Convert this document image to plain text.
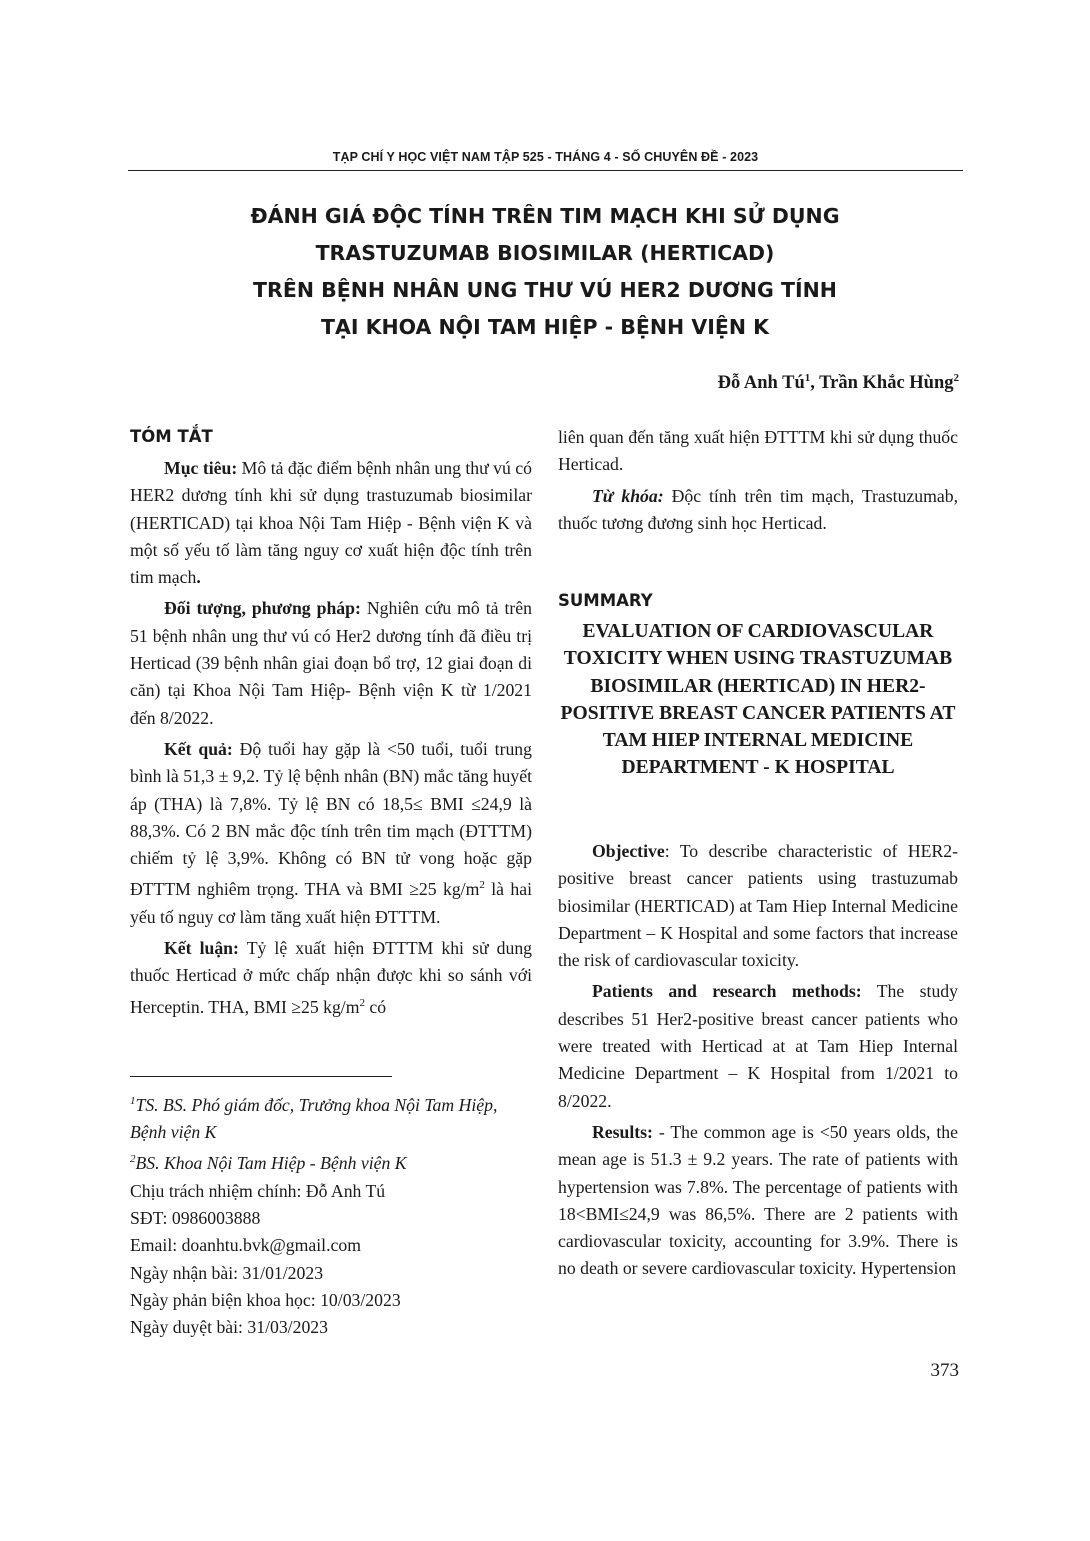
TẠP CHÍ Y HỌC VIỆT NAM TẬP 525 - THÁNG 4 - SỐ CHUYÊN ĐỀ - 2023
ĐÁNH GIÁ ĐỘC TÍNH TRÊN TIM MẠCH KHI SỬ DỤNG
TRASTUZUMAB BIOSIMILAR (HERTICAD)
TRÊN BỆNH NHÂN UNG THƯ VÚ HER2 DƯƠNG TÍNH
TẠI KHOA NỘI TAM HIỆP - BỆNH VIỆN K
Đỗ Anh $Tú^1$, Trần Khắc Hùng$^2$
TÓM TẮT

Mục tiêu: Mô tả đặc điểm bệnh nhân ung thư vú có HER2 dương tính khi sử dụng trastuzumab biosimilar (HERTICAD) tại khoa Nội Tam Hiệp - Bệnh viện K và một số yếu tố làm tăng nguy cơ xuất hiện độc tính trên tim mạch.

Đối tượng, phương pháp: Nghiên cứu mô tả trên 51 bệnh nhân ung thư vú có Her2 dương tính đã điều trị Herticad (39 bệnh nhân giai đoạn bổ trợ, 12 giai đoạn di căn) tại Khoa Nội Tam Hiệp- Bệnh viện K từ 1/2021 đến 8/2022.

Kết quả: Độ tuổi hay gặp là <50 tuổi, tuổi trung bình là 51,3 ± 9,2. Tỷ lệ bệnh nhân (BN) mắc tăng huyết áp (THA) là 7,8%. Tỷ lệ BN có 18,5≤ BMI ≤24,9 là 88,3%. Có 2 BN mắc độc tính trên tim mạch (ĐTTTM) chiếm tỷ lệ 3,9%. Không có BN tử vong hoặc gặp ĐTTTM nghiêm trọng. THA và BMI ≥25 $kg/m^2$ là hai yếu tố nguy cơ làm tăng xuất hiện ĐTTTM.

Kết luận: Tỷ lệ xuất hiện ĐTTTM khi sử dung thuốc Herticad ở mức chấp nhận được khi so sánh với Herceptin. THA, BMI ≥25 $kg/m^2$ có

$^1$TS. BS. Phó giám đốc, Trưởng khoa Nội Tam Hiệp, Bệnh viện K
$^2$BS. Khoa Nội Tam Hiệp - Bệnh viện K
Chịu trách nhiệm chính: Đỗ Anh Tú
SĐT: 0986003888
Email: doanhtu.bvk@gmail.com
Ngày nhận bài: 31/01/2023
Ngày phản biện khoa học: 10/03/2023
Ngày duyệt bài: 31/03/2023

liên quan đến tăng xuất hiện ĐTTTM khi sử dụng thuốc Herticad.

Từ khóa: Độc tính trên tim mạch, Trastuzumab, thuốc tương đương sinh học Herticad.

SUMMARY
EVALUATION OF CARDIOVASCULAR TOXICITY WHEN USING TRASTUZUMAB BIOSIMILAR (HERTICAD) IN HER2-POSITIVE BREAST CANCER PATIENTS AT TAM HIEP INTERNAL MEDICINE DEPARTMENT - K HOSPITAL

Objective: To describe characteristic of HER2-positive breast cancer patients using trastuzumab biosimilar (HERTICAD) at Tam Hiep Internal Medicine Department – K Hospital and some factors that increase the risk of cardiovascular toxicity.

Patients and research methods: The study describes 51 Her2-positive breast cancer patients who were treated with Herticad at at Tam Hiep Internal Medicine Department – K Hospital from 1/2021 to 8/2022.

Results: - The common age is <50 years olds, the mean age is 51.3 ± 9.2 years. The rate of patients with hypertension was 7.8%. The percentage of patients with 18<BMI≤24,9 was 86,5%. There are 2 patients with cardiovascular toxicity, accounting for 3.9%. There is no death or severe cardiovascular toxicity. Hypertension

373
